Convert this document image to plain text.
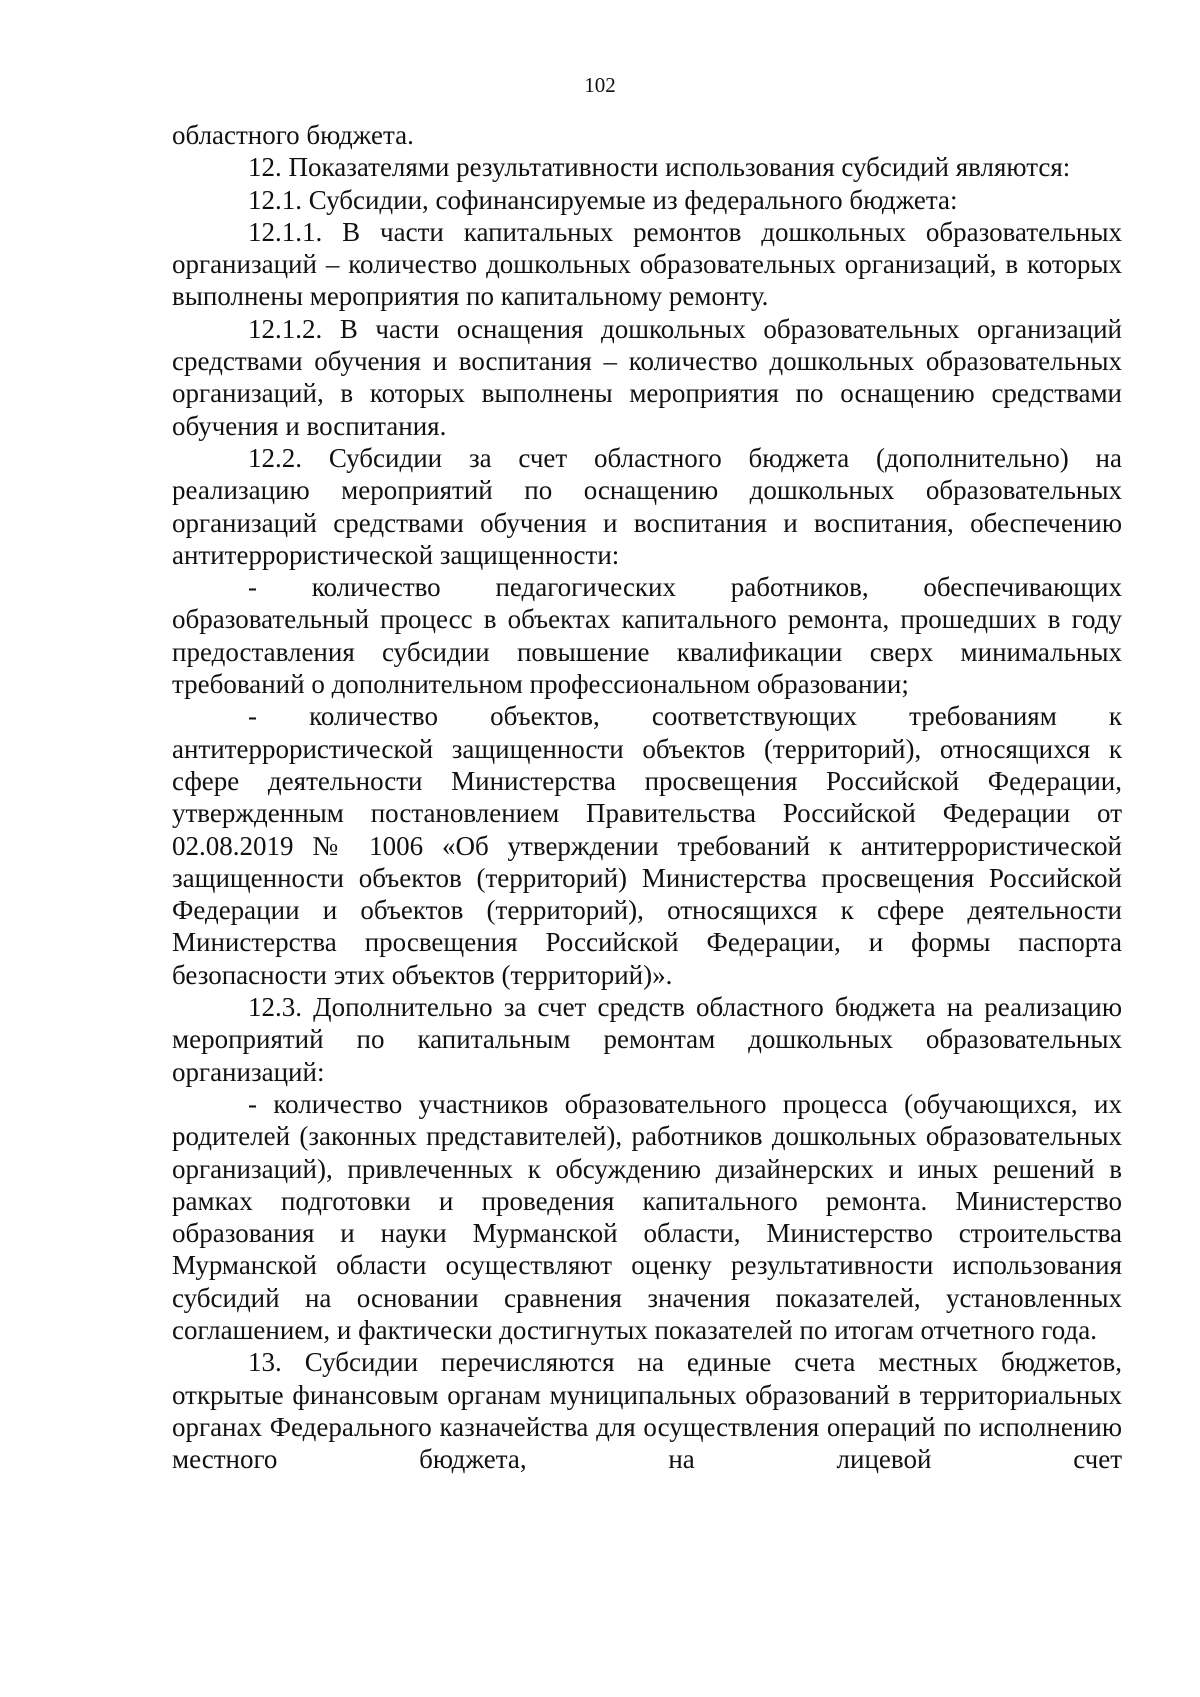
102

областного бюджета.

12. Показателями результативности использования субсидий являются:

12.1. Субсидии, софинансируемые из федерального бюджета:

12.1.1. В части капитальных ремонтов дошкольных образовательных организаций – количество дошкольных образовательных организаций, в которых выполнены мероприятия по капитальному ремонту.

12.1.2. В части оснащения дошкольных образовательных организаций средствами обучения и воспитания – количество дошкольных образовательных организаций, в которых выполнены мероприятия по оснащению средствами обучения и воспитания.

12.2. Субсидии за счет областного бюджета (дополнительно) на реализацию мероприятий по оснащению дошкольных образовательных организаций средствами обучения и воспитания и воспитания, обеспечению антитеррористической защищенности:

- количество педагогических работников, обеспечивающих образовательный процесс в объектах капитального ремонта, прошедших в году предоставления субсидии повышение квалификации сверх минимальных требований о дополнительном профессиональном образовании;

- количество объектов, соответствующих требованиям к антитеррористической защищенности объектов (территорий), относящихся к сфере деятельности Министерства просвещения Российской Федерации, утвержденным постановлением Правительства Российской Федерации от 02.08.2019 № 1006 «Об утверждении требований к антитеррористической защищенности объектов (территорий) Министерства просвещения Российской Федерации и объектов (территорий), относящихся к сфере деятельности Министерства просвещения Российской Федерации, и формы паспорта безопасности этих объектов (территорий)».

12.3. Дополнительно за счет средств областного бюджета на реализацию мероприятий по капитальным ремонтам дошкольных образовательных организаций:

- количество участников образовательного процесса (обучающихся, их родителей (законных представителей), работников дошкольных образовательных организаций), привлеченных к обсуждению дизайнерских и иных решений в рамках подготовки и проведения капитального ремонта. Министерство образования и науки Мурманской области, Министерство строительства Мурманской области осуществляют оценку результативности использования субсидий на основании сравнения значения показателей, установленных соглашением, и фактически достигнутых показателей по итогам отчетного года.

13. Субсидии перечисляются на единые счета местных бюджетов, открытые финансовым органам муниципальных образований в территориальных органах Федерального казначейства для осуществления операций по исполнению местного бюджета, на лицевой счет
